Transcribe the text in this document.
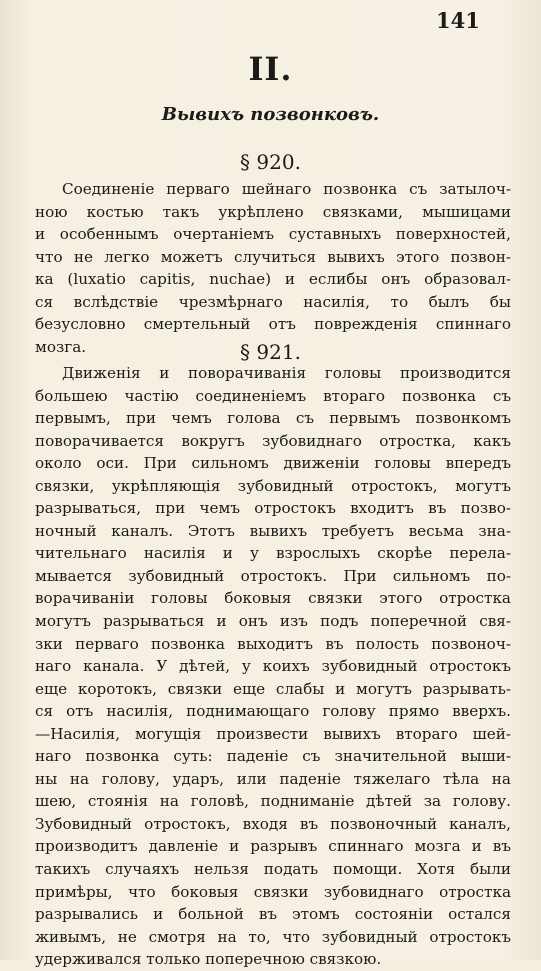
141
II.
Вывихъ позвонковъ.
§ 920.
Соединеніе перваго шейнаго позвонка съ затылоч-
ною костью такъ укрѣплено связками, мышицами
и особеннымъ очертаніемъ суставныхъ поверхностей,
что не легко можетъ случиться вывихъ этого позвон-
ка (luxatio capitis, nuchae) и еслибы онъ образовал-
ся вслѣдствіе чрезмѣрнаго насилія, то былъ бы
безусловно смертельный отъ поврежденія спиннаго
мозга.	§ 921.
Движенія и поворачиванія головы производится
большею частію соединеніемъ втораго позвонка съ
первымъ, при чемъ голова съ первымъ позвонкомъ
поворачивается вокругъ зубовиднаго отростка, какъ
около оси. При сильномъ движеніи головы впередъ
связки, укрѣпляющія зубовидный отростокъ, могутъ
разрываться, при чемъ отростокъ входитъ въ позво-
ночный каналъ. Этотъ вывихъ требуетъ весьма зна-
чительнаго насилія и у взрослыхъ скорѣе перела-
мывается зубовидный отростокъ. При сильномъ по-
ворачиваніи головы боковыя связки этого отростка
могутъ разрываться и онъ изъ подъ поперечной свя-
зки перваго позвонка выходитъ въ полость позвоноч-
наго канала. У дѣтей, у коихъ зубовидный отростокъ
еще коротокъ, связки еще слабы и могутъ разрывать-
ся отъ насилія, поднимающаго голову прямо вверхъ.
—Насилія, могущія произвести вывихъ втораго шей-
наго позвонка суть: паденіе съ значительной выши-
ны на голову, ударъ, или паденіе тяжелаго тѣла на
шею, стоянія на головѣ, подниманіе дѣтей за голову.
Зубовидный отростокъ, входя въ позвоночный каналъ,
производитъ давленіе и разрывъ спиннаго мозга и въ
такихъ случаяхъ нельзя подать помощи. Хотя были
примѣры, что боковыя связки зубовиднаго отростка
разрывались и больной въ этомъ состояніи остался
живымъ, не смотря на то, что зубовидный отростокъ
удерживался только поперечною связкою.
